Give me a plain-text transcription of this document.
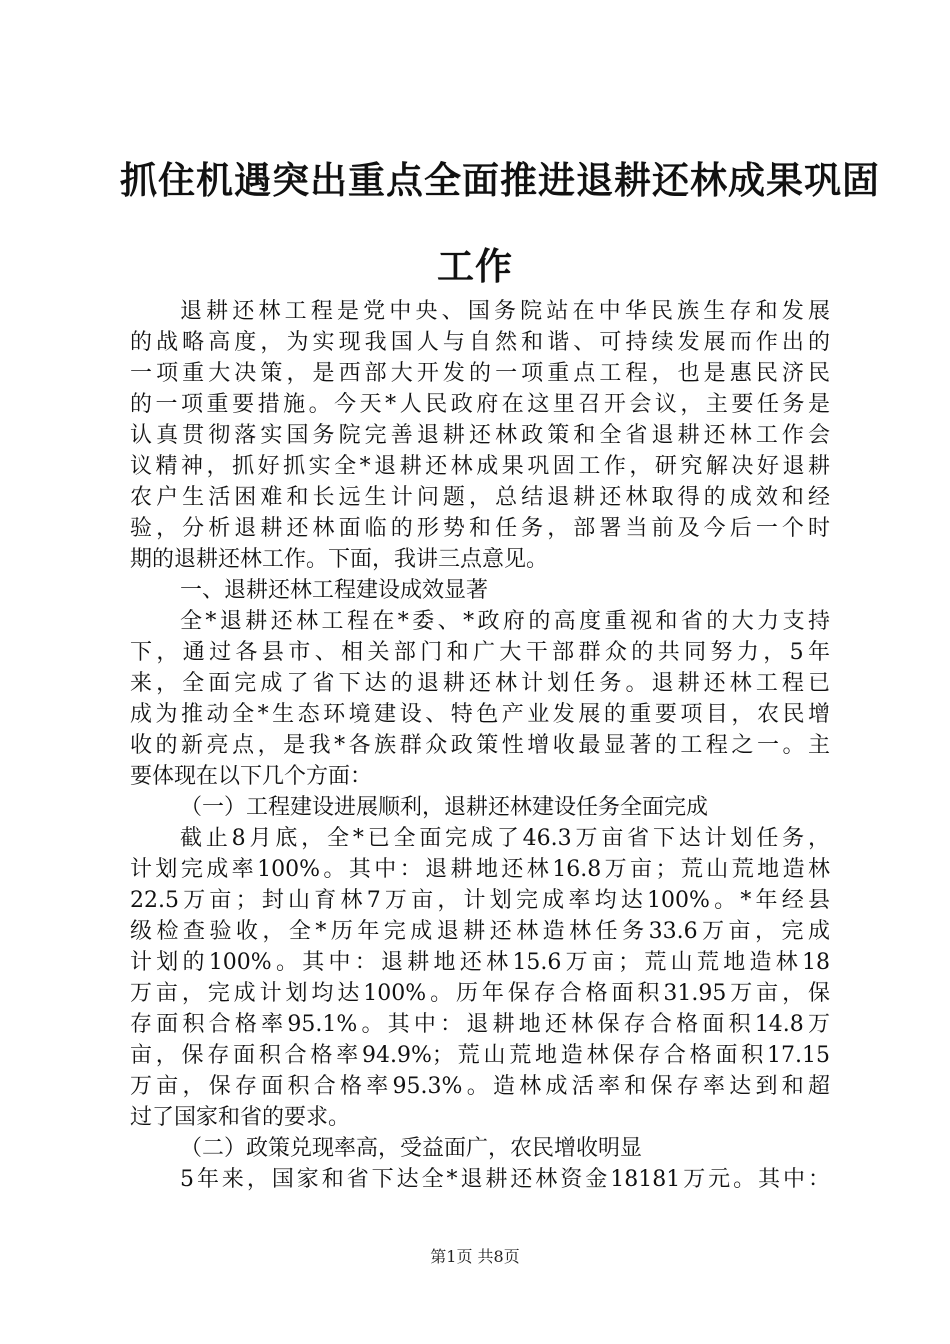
抓住机遇突出重点全面推进退耕还林成果巩固
工作
退耕还林工程是党中央、国务院站在中华民族生存和发展
的战略高度，为实现我国人与自然和谐、可持续发展而作出的
一项重大决策，是西部大开发的一项重点工程，也是惠民济民
的一项重要措施。今天*人民政府在这里召开会议，主要任务是
认真贯彻落实国务院完善退耕还林政策和全省退耕还林工作会
议精神，抓好抓实全*退耕还林成果巩固工作，研究解决好退耕
农户生活困难和长远生计问题，总结退耕还林取得的成效和经
验，分析退耕还林面临的形势和任务，部署当前及今后一个时
期的退耕还林工作。下面，我讲三点意见。
一、退耕还林工程建设成效显著
全*退耕还林工程在*委、*政府的高度重视和省的大力支持
下，通过各县市、相关部门和广大干部群众的共同努力，5年
来，全面完成了省下达的退耕还林计划任务。退耕还林工程已
成为推动全*生态环境建设、特色产业发展的重要项目，农民增
收的新亮点，是我*各族群众政策性增收最显著的工程之一。主
要体现在以下几个方面：
（一）工程建设进展顺利，退耕还林建设任务全面完成
截止8月底，全*已全面完成了46.3万亩省下达计划任务，
计划完成率100%。其中：退耕地还林16.8万亩；荒山荒地造林
22.5万亩；封山育林7万亩，计划完成率均达100%。*年经县
级检查验收，全*历年完成退耕还林造林任务33.6万亩，完成
计划的100%。其中：退耕地还林15.6万亩；荒山荒地造林18
万亩，完成计划均达100%。历年保存合格面积31.95万亩，保
存面积合格率95.1%。其中：退耕地还林保存合格面积14.8万
亩，保存面积合格率94.9%；荒山荒地造林保存合格面积17.15
万亩，保存面积合格率95.3%。造林成活率和保存率达到和超
过了国家和省的要求。
（二）政策兑现率高，受益面广，农民增收明显
5年来，国家和省下达全*退耕还林资金18181万元。其中：
第1页 共8页
